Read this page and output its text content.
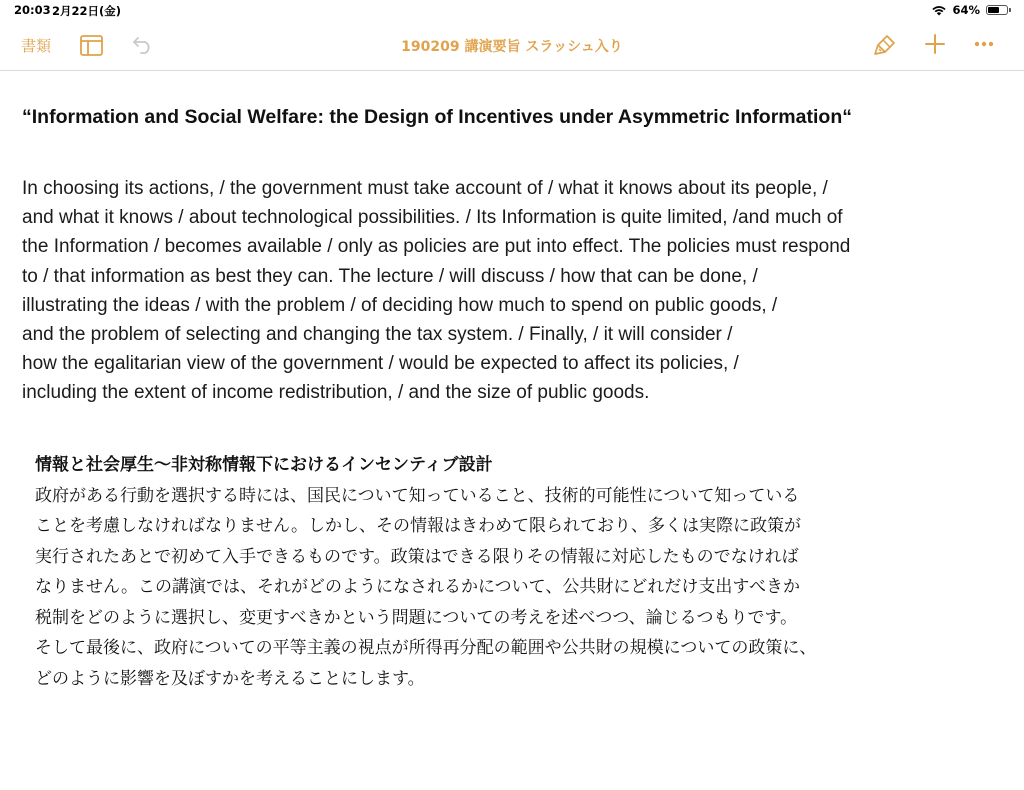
20:03 2月22日(金)	64%
書類	190209 講演要旨 スラッシュ入り
“Information and Social Welfare: the Design of Incentives under Asymmetric Information“
In choosing its actions, / the government must take account of / what it knows about its people, /
and what it knows / about technological possibilities. / Its Information is quite limited, /and much of
the Information / becomes available / only as policies are put into effect. The policies must respond
to / that information as best they can. The lecture / will discuss / how that can be done, /
illustrating the ideas / with the problem / of deciding how much to spend on public goods, /
and the problem of selecting and changing the tax system. / Finally, / it will consider /
how the egalitarian view of the government / would be expected to affect its policies, /
including the extent of income redistribution, / and the size of public goods.
情報と社会厚生〜非対称情報下におけるインセンティブ設計
政府がある行動を選択する時には、国民について知っていること、技術的可能性について知っている
ことを考慮しなければなりません。しかし、その情報はきわめて限られており、多くは実際に政策が
実行されたあとで初めて入手できるものです。政策はできる限りその情報に対応したものでなければ
なりません。この講演では、それがどのようになされるかについて、公共財にどれだけ支出すべきか
税制をどのように選択し、変更すべきかという問題についての考えを述べつつ、論じるつもりです。
そして最後に、政府についての平等主義の視点が所得再分配の範囲や公共財の規模についての政策に、
どのように影響を及ぼすかを考えることにします。
